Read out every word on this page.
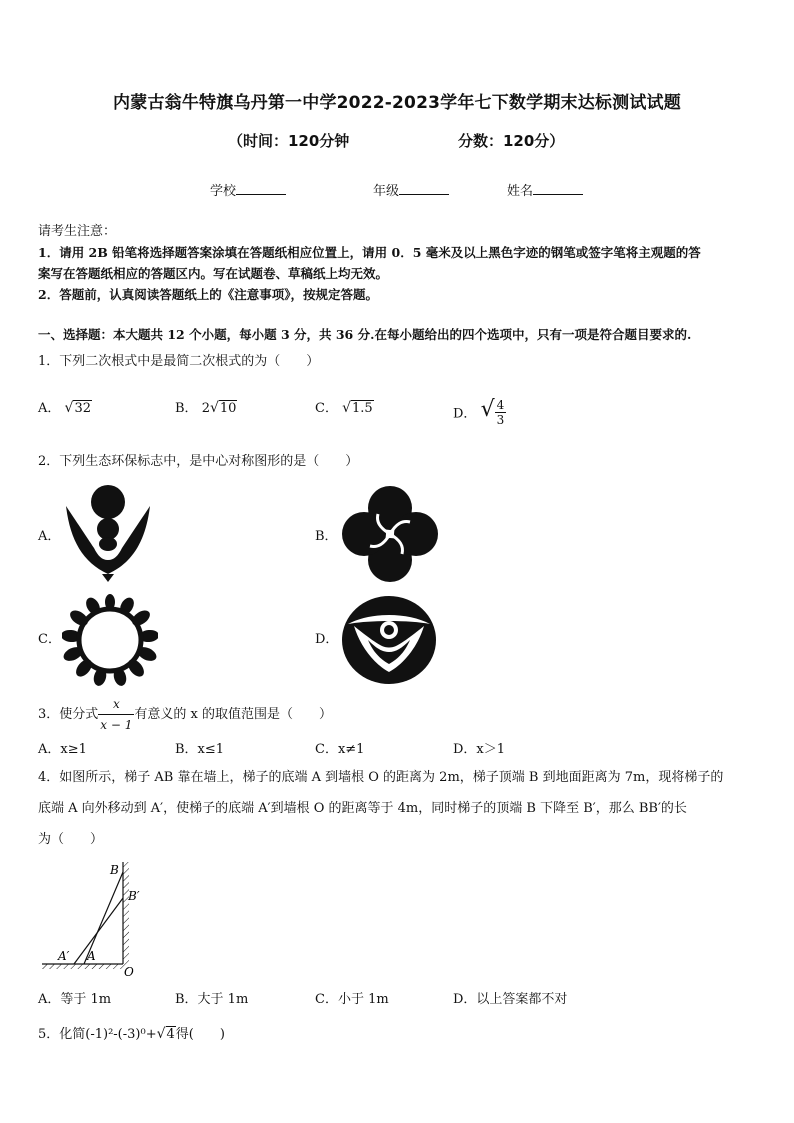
内蒙古翁牛特旗乌丹第一中学2022-2023学年七下数学期末达标测试试题
（时间：120分钟	分数：120分）
学校	年级	姓名
请考生注意：
1．请用 2B 铅笔将选择题答案涂填在答题纸相应位置上，请用 0．5 毫米及以上黑色字迹的钢笔或签字笔将主观题的答
案写在答题纸相应的答题区内。写在试题卷、草稿纸上均无效。
2．答题前，认真阅读答题纸上的《注意事项》，按规定答题。
一、选择题：本大题共 12 个小题，每小题 3 分，共 36 分.在每小题给出的四个选项中，只有一项是符合题目要求的.
1．下列二次根式中是最简二次根式的为（　　）
A． √32	B． 2√10	C． √1.5	D． √ $\frac{4}{3}$
2．下列生态环保标志中，是中心对称图形的是（　　）
A．	B．
C．	D．
3．使分式 $\frac{x}{x - 1}$ 有意义的 x 的取值范围是（　　）
A．x≥1	B．x≤1	C．x≠1	D．x＞1
4．如图所示，梯子 AB 靠在墙上，梯子的底端 A 到墙根 O 的距离为 2m，梯子顶端 B 到地面距离为 7m，现将梯子的
底端 A 向外移动到 A′，使梯子的底端 A′到墙根 O 的距离等于 4m，同时梯子的顶端 B 下降至 B′，那么 BB′的长
为（　　）
B
B′
A′ A
O
A．等于 1m	B．大于 1m	C．小于 1m	D．以上答案都不对
5．化简(-1)²-(-3)⁰+√4得(　　)
